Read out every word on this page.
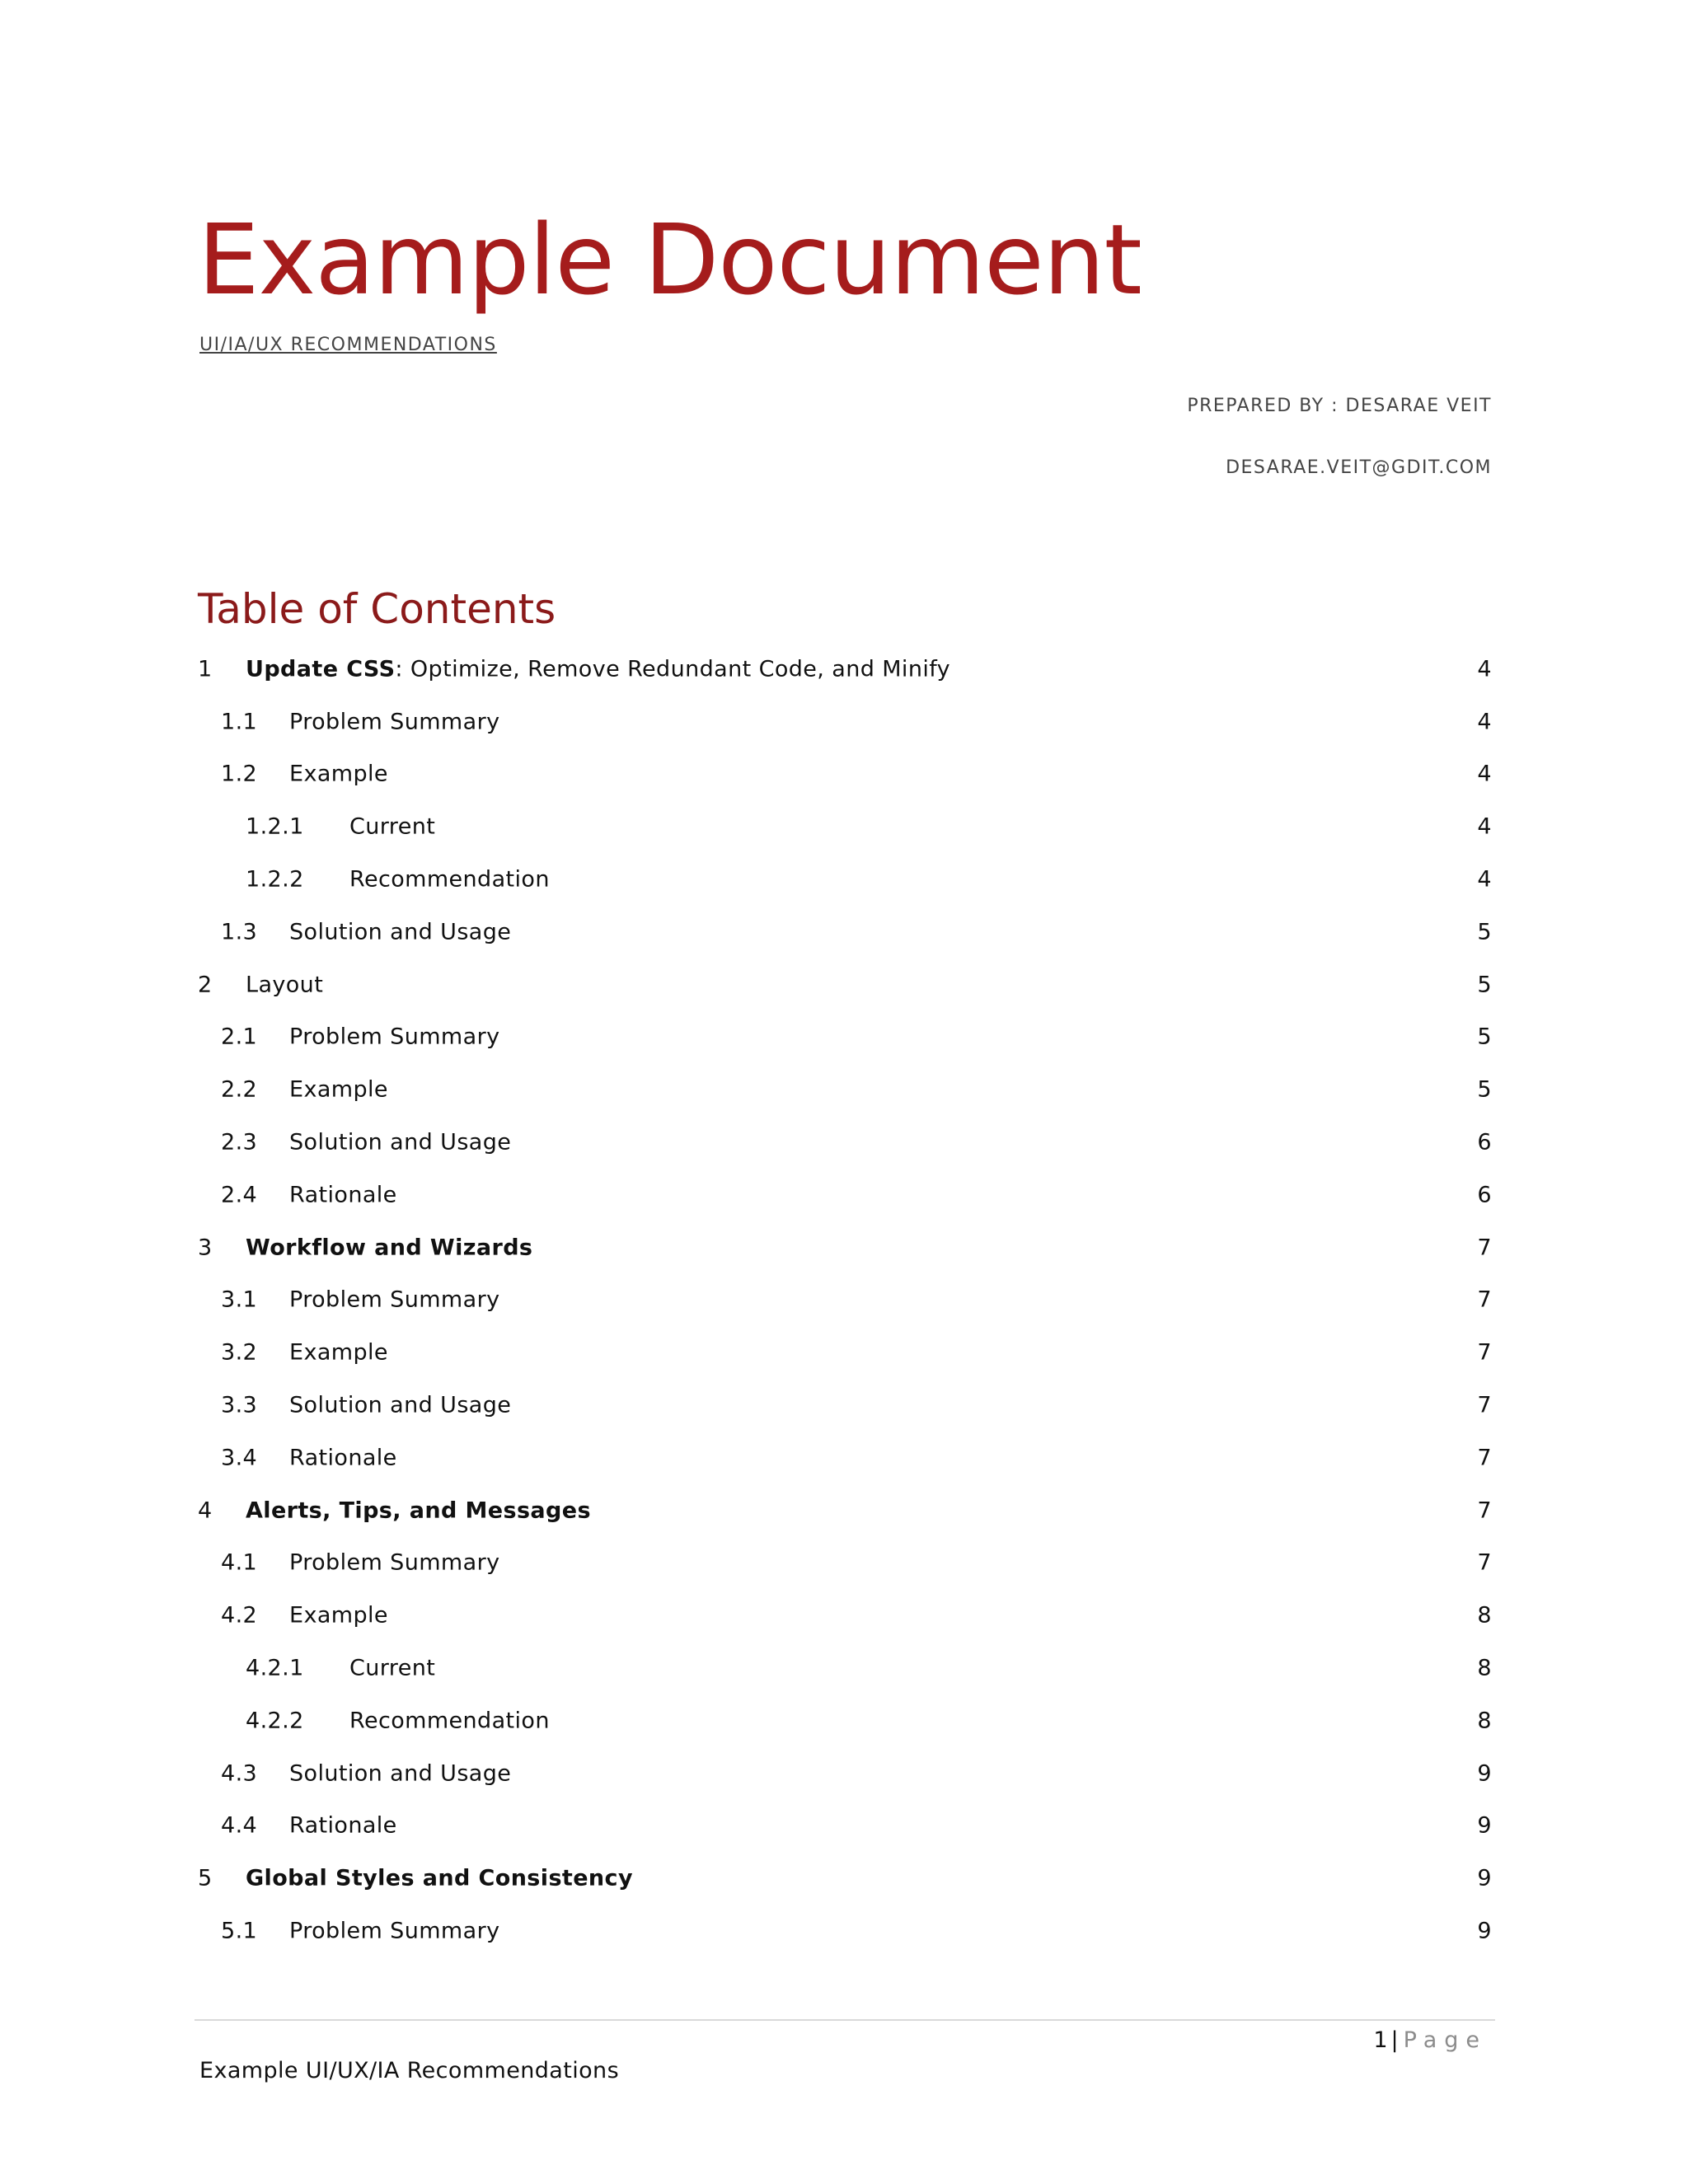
Example Document
UI/IA/UX RECOMMENDATIONS
PREPARED BY : DESARAE VEIT
DESARAE.VEIT@GDIT.COM
Table of Contents
1 Update CSS: Optimize, Remove Redundant Code, and Minify	4
1.1 Problem Summary	4
1.2 Example	4
1.2.1 Current	4
1.2.2 Recommendation	4
1.3 Solution and Usage	5
2 Layout	5
2.1 Problem Summary	5
2.2 Example	5
2.3 Solution and Usage	6
2.4 Rationale	6
3 Workflow and Wizards	7
3.1 Problem Summary	7
3.2 Example	7
3.3 Solution and Usage	7
3.4 Rationale	7
4 Alerts, Tips, and Messages	7
4.1 Problem Summary	7
4.2 Example	8
4.2.1 Current	8
4.2.2 Recommendation	8
4.3 Solution and Usage	9
4.4 Rationale	9
5 Global Styles and Consistency	9
5.1 Problem Summary	9
1 | Page
Example UI/UX/IA Recommendations
